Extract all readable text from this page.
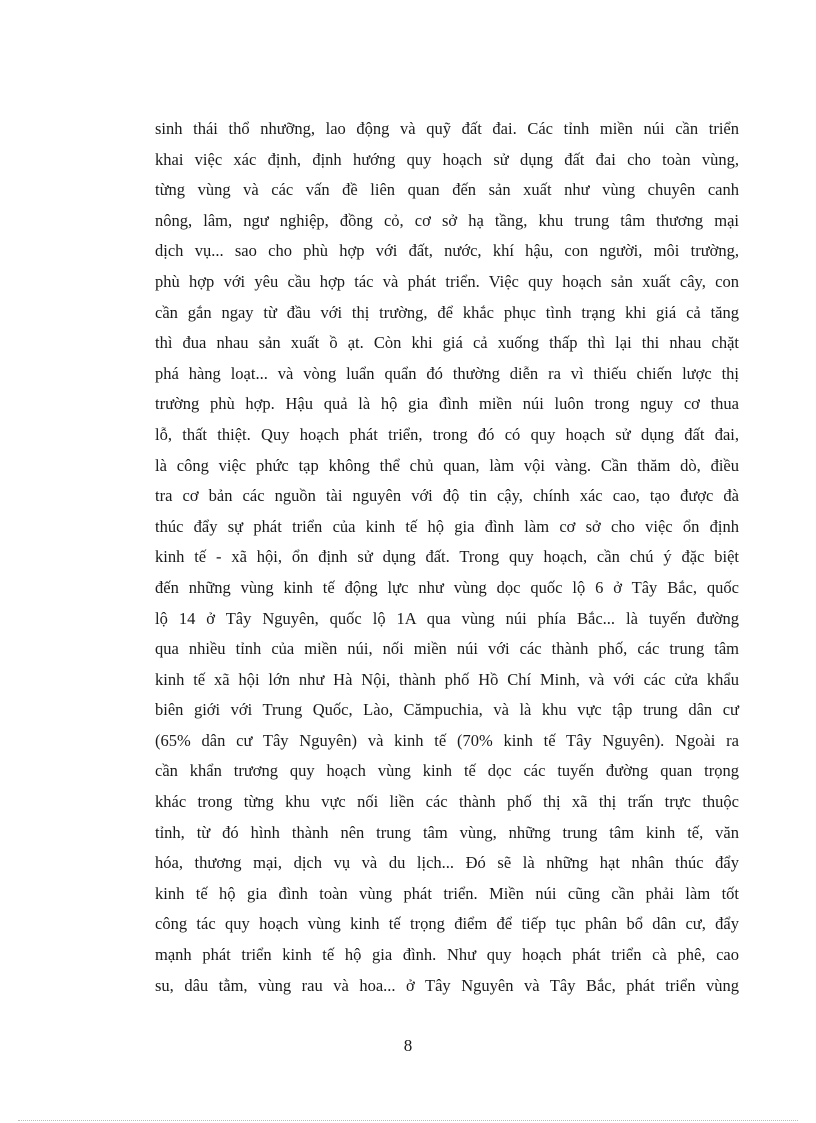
sinh thái thổ nhưỡng, lao động và quỹ đất đai. Các tỉnh miền núi cần triển
khai việc xác định, định hướng quy hoạch sử dụng đất đai cho toàn vùng,
từng vùng và các vấn đề liên quan đến sản xuất như vùng chuyên canh
nông, lâm, ngư nghiệp, đồng cỏ, cơ sở hạ tầng, khu trung tâm thương mại
dịch vụ... sao cho phù hợp với đất, nước, khí hậu, con người, môi trường,
phù hợp với yêu cầu hợp tác và phát triển. Việc quy hoạch sản xuất cây, con
cần gắn ngay từ đầu với thị trường, để khắc phục tình trạng khi giá cả tăng
thì đua nhau sản xuất ồ ạt. Còn khi giá cả xuống thấp thì lại thi nhau chặt
phá hàng loạt... và vòng luẩn quẩn đó thường diễn ra vì thiếu chiến lược thị
trường phù hợp. Hậu quả là hộ gia đình miền núi luôn trong nguy cơ thua
lỗ, thất thiệt. Quy hoạch phát triển, trong đó có quy hoạch sử dụng đất đai,
là công việc phức tạp không thể chủ quan, làm vội vàng. Cần thăm dò, điều
tra cơ bản các nguồn tài nguyên với độ tin cậy, chính xác cao, tạo được đà
thúc đẩy sự phát triển của kinh tế hộ gia đình làm cơ sở cho việc ổn định
kinh tế - xã hội, ổn định sử dụng đất. Trong quy hoạch, cần chú ý đặc biệt
đến những vùng kinh tế động lực như vùng dọc quốc lộ 6 ở Tây Bắc, quốc
lộ 14 ở Tây Nguyên, quốc lộ 1A qua vùng núi phía Bắc... là tuyến đường
qua nhiều tỉnh của miền núi, nối miền núi với các thành phố, các trung tâm
kinh tế xã hội lớn như Hà Nội, thành phố Hồ Chí Minh, và với các cửa khẩu
biên giới với Trung Quốc, Lào, Cămpuchia, và là khu vực tập trung dân cư
(65% dân cư Tây Nguyên) và kinh tế (70% kinh tế Tây Nguyên). Ngoài ra
cần khẩn trương quy hoạch vùng kinh tế dọc các tuyến đường quan trọng
khác trong từng khu vực nối liền các thành phố thị xã thị trấn trực thuộc
tỉnh, từ đó hình thành nên trung tâm vùng, những trung tâm kinh tế, văn
hóa, thương mại, dịch vụ và du lịch... Đó sẽ là những hạt nhân thúc đẩy
kinh tế hộ gia đình toàn vùng phát triển. Miền núi cũng cần phải làm tốt
công tác quy hoạch vùng kinh tế trọng điểm để tiếp tục phân bổ dân cư, đẩy
mạnh phát triển kinh tế hộ gia đình. Như quy hoạch phát triển cà phê, cao
su, dâu tằm, vùng rau và hoa... ở Tây Nguyên và Tây Bắc, phát triển vùng
8
